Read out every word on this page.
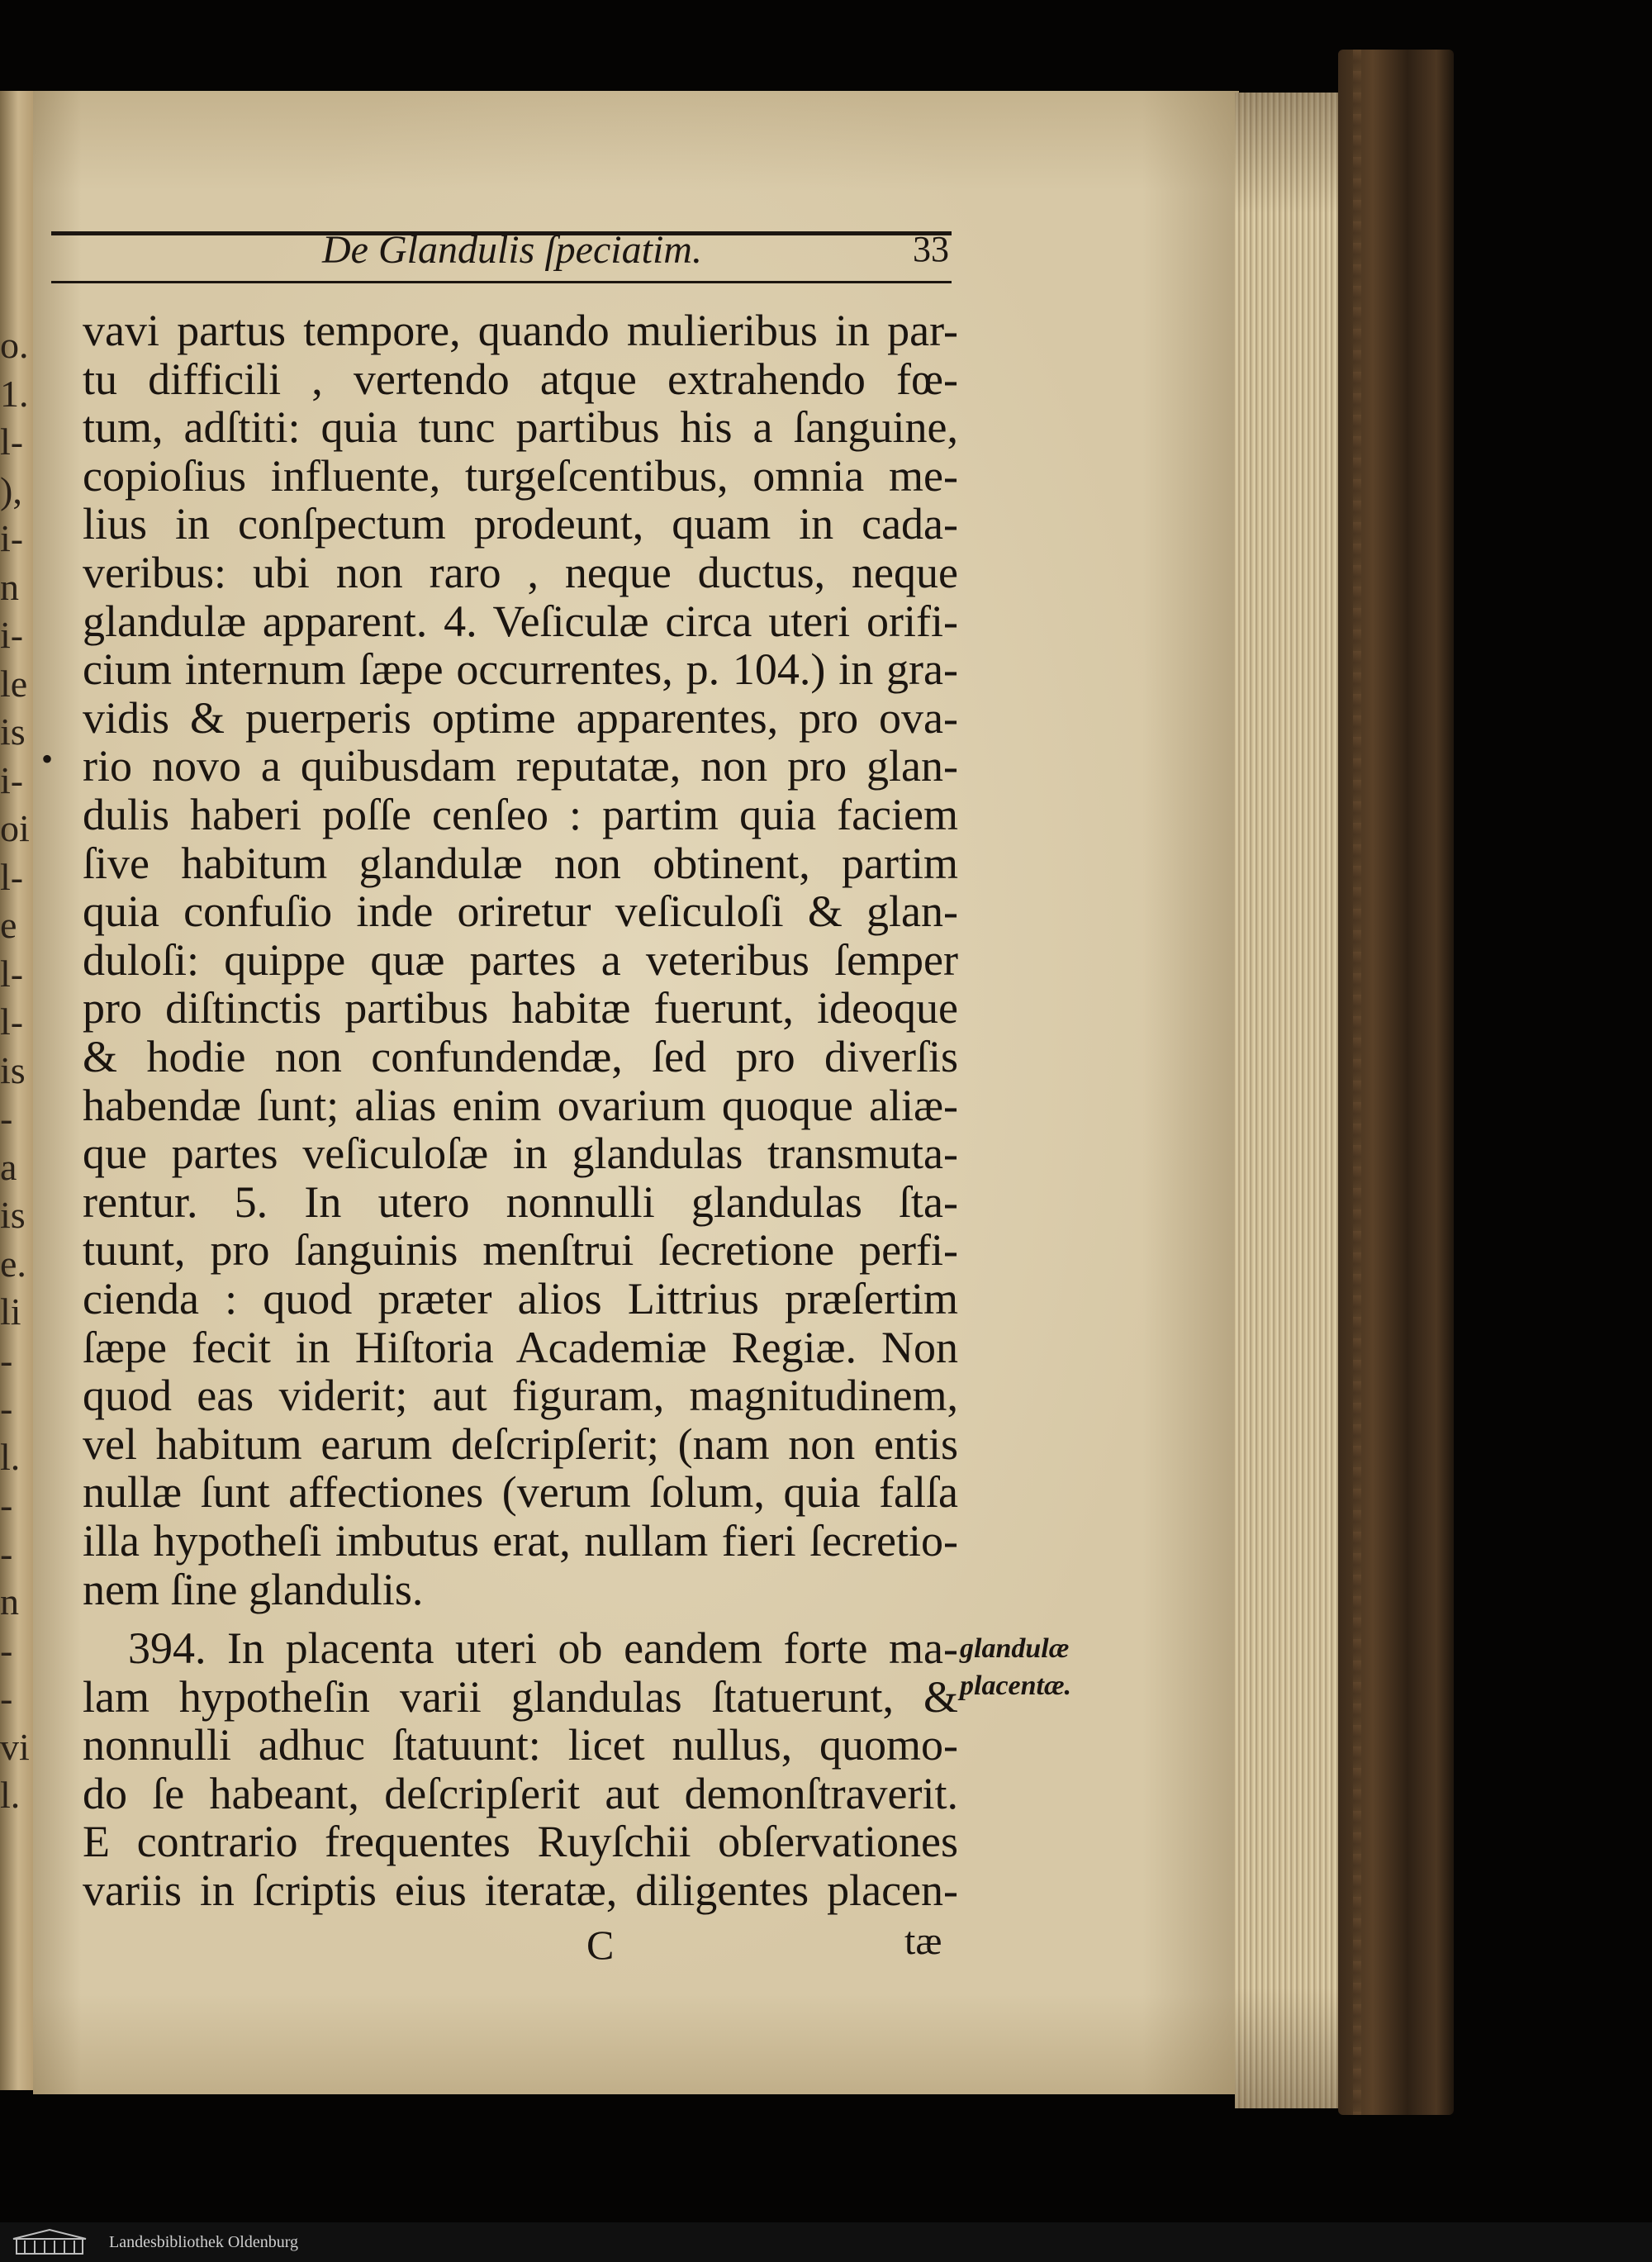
o.
1.
l-
),
i-
n
i-
le
is
i-
oi
l-
e
l-
l-
is
-
a
is
e.
li
-
-
l.
-
-
n
-
-
vi
l.
De Glandulis ſpeciatim.	33
vavi partus tempore, quando mulieribus in par-
tu difficili , vertendo atque extrahendo fœ-
tum, adſtiti: quia tunc partibus his a ſanguine,
copioſius influente, turgeſcentibus, omnia me-
lius in conſpectum prodeunt, quam in cada-
veribus: ubi non raro , neque ductus, neque
glandulæ apparent. 4. Veſiculæ circa uteri orifi-
cium internum ſæpe occurrentes, p. 104.) in gra-
vidis & puerperis optime apparentes, pro ova-
rio novo a quibusdam reputatæ, non pro glan-
dulis haberi poſſe cenſeo : partim quia faciem
ſive habitum glandulæ non obtinent, partim
quia confuſio inde oriretur veſiculoſi & glan-
duloſi: quippe quæ partes a veteribus ſemper
pro diſtinctis partibus habitæ fuerunt, ideoque
& hodie non confundendæ, ſed pro diverſis
habendæ ſunt; alias enim ovarium quoque aliæ-
que partes veſiculoſæ in glandulas transmuta-
rentur. 5. In utero nonnulli glandulas ſta-
tuunt, pro ſanguinis menſtrui ſecretione perfi-
cienda : quod præter alios Littrius præſertim
ſæpe fecit in Hiſtoria Academiæ Regiæ. Non
quod eas viderit; aut figuram, magnitudinem,
vel habitum earum deſcripſerit; (nam non entis
nullæ ſunt affectiones (verum ſolum, quia falſa
illa hypotheſi imbutus erat, nullam fieri ſecretio-
nem ſine glandulis.
394. In placenta uteri ob eandem forte ma-
lam hypotheſin varii glandulas ſtatuerunt, &
nonnulli adhuc ſtatuunt: licet nullus, quomo-
do ſe habeant, deſcripſerit aut demonſtraverit.
E contrario frequentes Ruyſchii obſervationes
variis in ſcriptis eius iteratæ, diligentes placen-
•
glandulæ
placentæ.
C	tæ
Landesbibliothek Oldenburg
